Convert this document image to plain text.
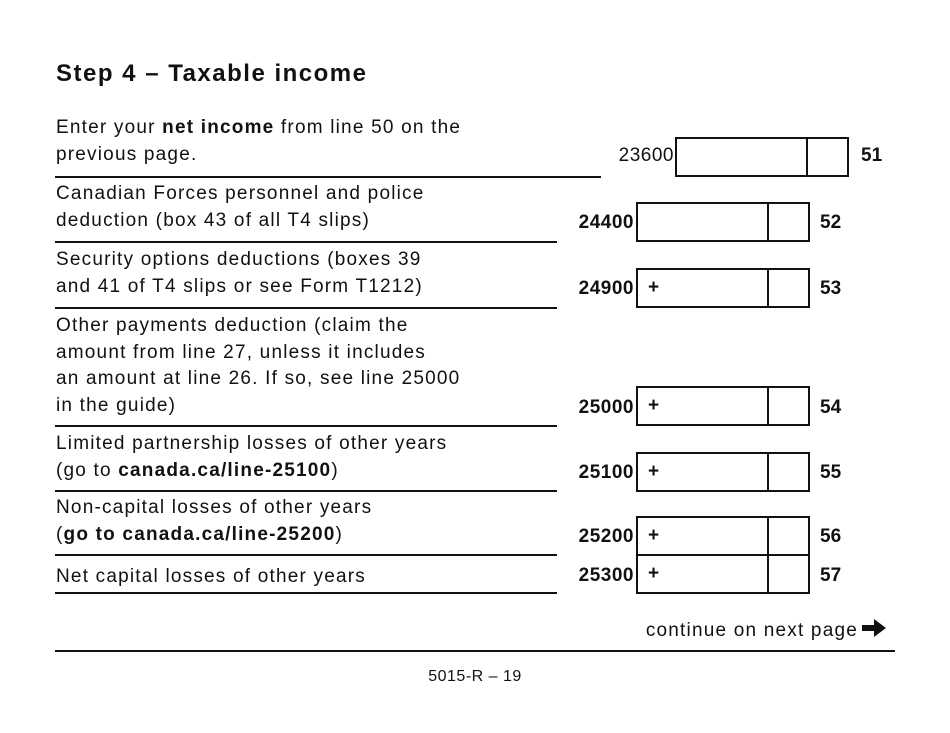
Step 4 – Taxable income
Enter your net income from line 50 on the
previous page.	23600	51
Canadian Forces personnel and police
deduction (box 43 of all T4 slips)	24400	52
Security options deductions (boxes 39
and 41 of T4 slips or see Form T1212)	24900 +	53
Other payments deduction (claim the
amount from line 27, unless it includes
an amount at line 26. If so, see line 25000
in the guide)	25000 +	54
Limited partnership losses of other years
(go to canada.ca/line-25100)	25100 +	55
Non-capital losses of other years
(go to canada.ca/line-25200)	25200 +	56
Net capital losses of other years	25300 +	57
continue on next page
5015-R – 19
